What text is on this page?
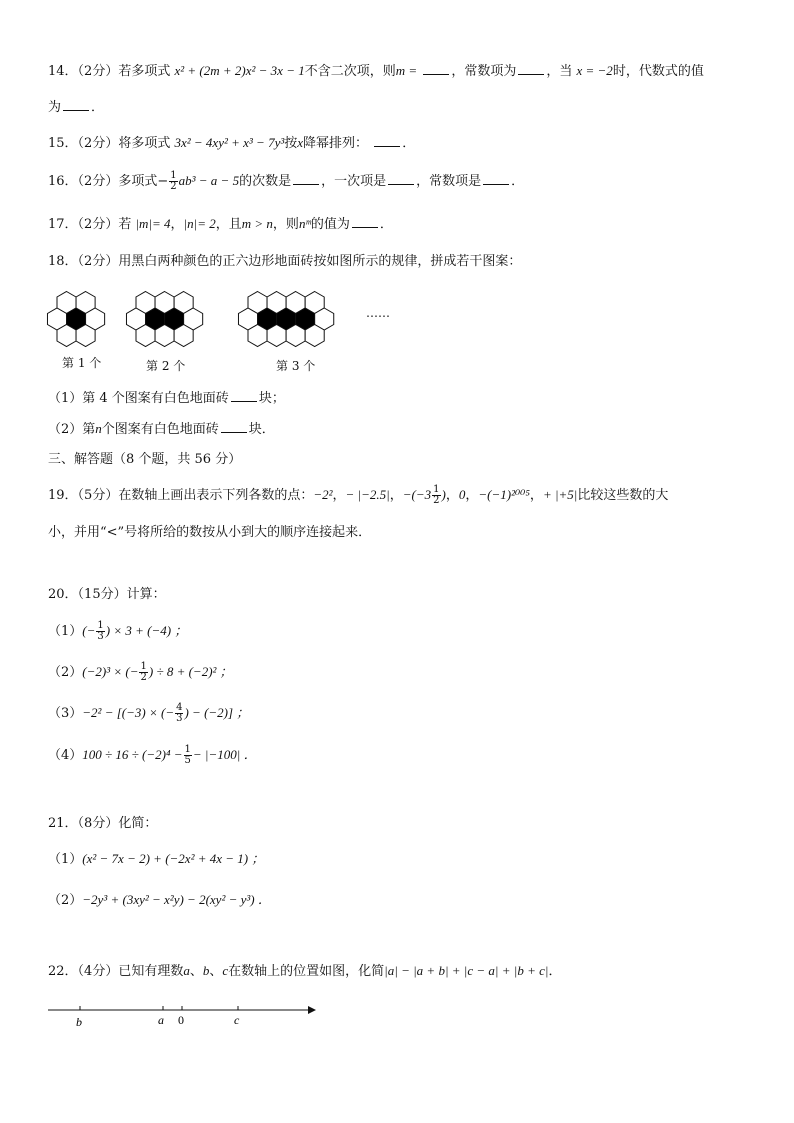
14．（2分）若多项式 x² + (2m + 2)x² − 3x − 1不含二次项，则m =	，常数项为 ，当 x = −2时，代数式的值
为 ．
15．（2分）将多项式 3x² − 4xy² + x³ − 7y³按x降幂排列：	．
16．（2分）多项式− $\frac{1}{2} ab^3 - a - 5$的次数是 ，一次项是 ，常数项是 ．
17．（2分）若 |m|= 4，|n|= 2，且m > n，则nᵐ的值为 ．
18．（2分）用黑白两种颜色的正六边形地面砖按如图所示的规律，拼成若干图案：
……
第 1 个	第 2 个	第 3 个
（1）第 4 个图案有白色地面砖 块；
（2）第n个图案有白色地面砖 块．
三、解答题（8 个题，共 56 分）
19．（5分）在数轴上画出表示下列各数的点：−2²，− |−2.5|，$-(-3 \frac{1}{2}$ )，0，−(−1)²⁰⁰⁵，+ |+5|比较这些数的大
小，并用“<”号将所给的数按从小到大的顺序连接起来．
20．（15分）计算：
$(1)(- \frac{1}{3}$ ) × 3 + (−4) ；
（2）(−2)³ × (− $\frac{1}{2}$ ) ÷ 8 + (−2)² ；
（3）−2² − [(−3) × (− $\frac{4}{3}$ ) − (−2)] ；
$(4)100 \div 16 \div (-2)^4 - \frac{1}{5} - |-100|$ ．
21．（8分）化简：
（1）(x² − 7x − 2) + (−2x² + 4x − 1) ；
（2）−2y³ + (3xy² − x²y) − 2(xy² − y³) ．
22．（4分）已知有理数a、b、c在数轴上的位置如图，化简|a| − |a + b| + |c − a| + |b + c|．
b	a 0	c
